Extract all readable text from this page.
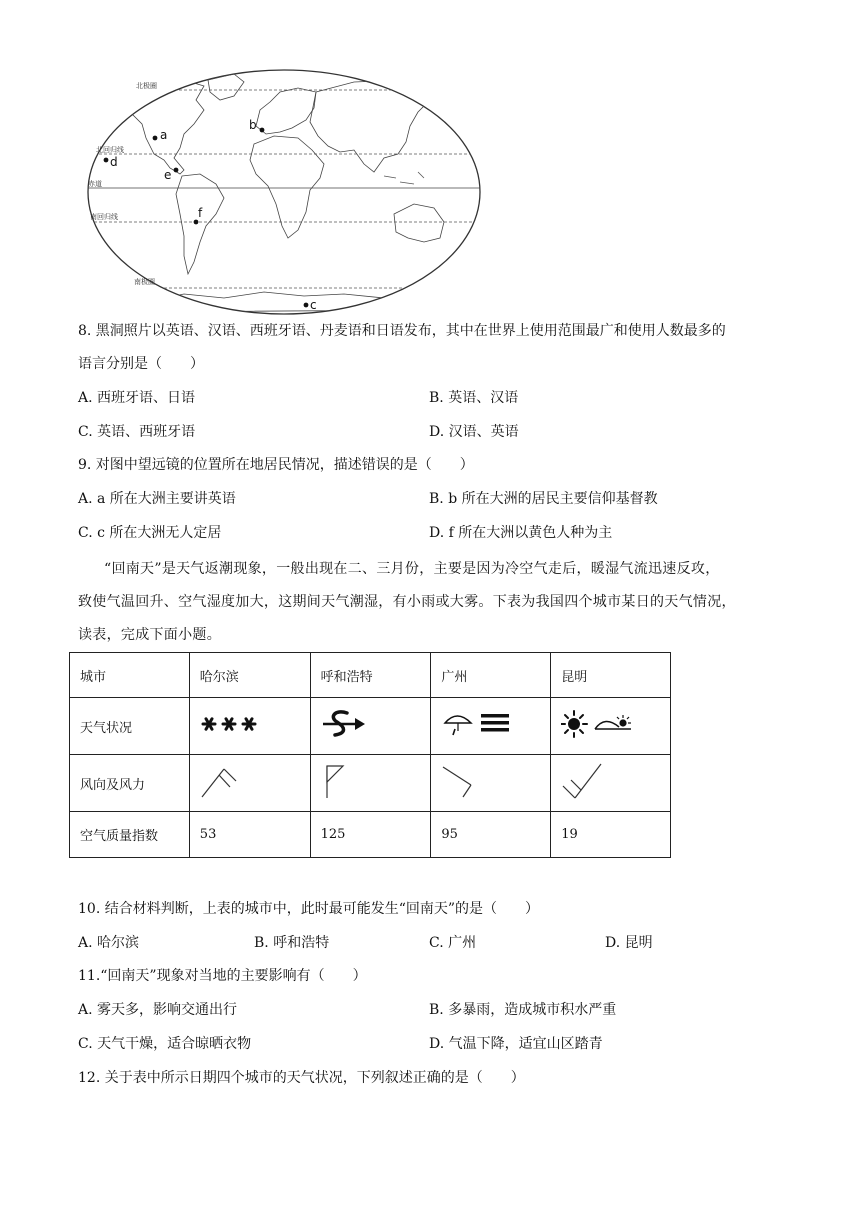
北极圈
北回归线
赤道
南回归线
南极圈
a
b
c
d
e
f
8. 黑洞照片以英语、汉语、西班牙语、丹麦语和日语发布，其中在世界上使用范围最广和使用人数最多的
语言分别是（　　）
A. 西班牙语、日语	B. 英语、汉语
C. 英语、西班牙语	D. 汉语、英语
9. 对图中望远镜的位置所在地居民情况，描述错误的是（　　）
A. a 所在大洲主要讲英语	B. b 所在大洲的居民主要信仰基督教
C. c 所在大洲无人定居	D. f 所在大洲以黄色人种为主
“回南天”是天气返潮现象，一般出现在二、三月份，主要是因为冷空气走后，暖湿气流迅速反攻，
致使气温回升、空气湿度加大，这期间天气潮湿，有小雨或大雾。下表为我国四个城市某日的天气情况，
读表，完成下面小题。
城市	哈尔滨	呼和浩特	广州	昆明
天气状况				
风向及风力				
空气质量指数	53	125	95	19
10. 结合材料判断，上表的城市中，此时最可能发生“回南天”的是（　　）
A. 哈尔滨	B. 呼和浩特	C. 广州	D. 昆明
11.“回南天”现象对当地的主要影响有（　　）
A. 雾天多，影响交通出行	B. 多暴雨，造成城市积水严重
C. 天气干燥，适合晾晒衣物	D. 气温下降，适宜山区踏青
12. 关于表中所示日期四个城市的天气状况，下列叙述正确的是（　　）
